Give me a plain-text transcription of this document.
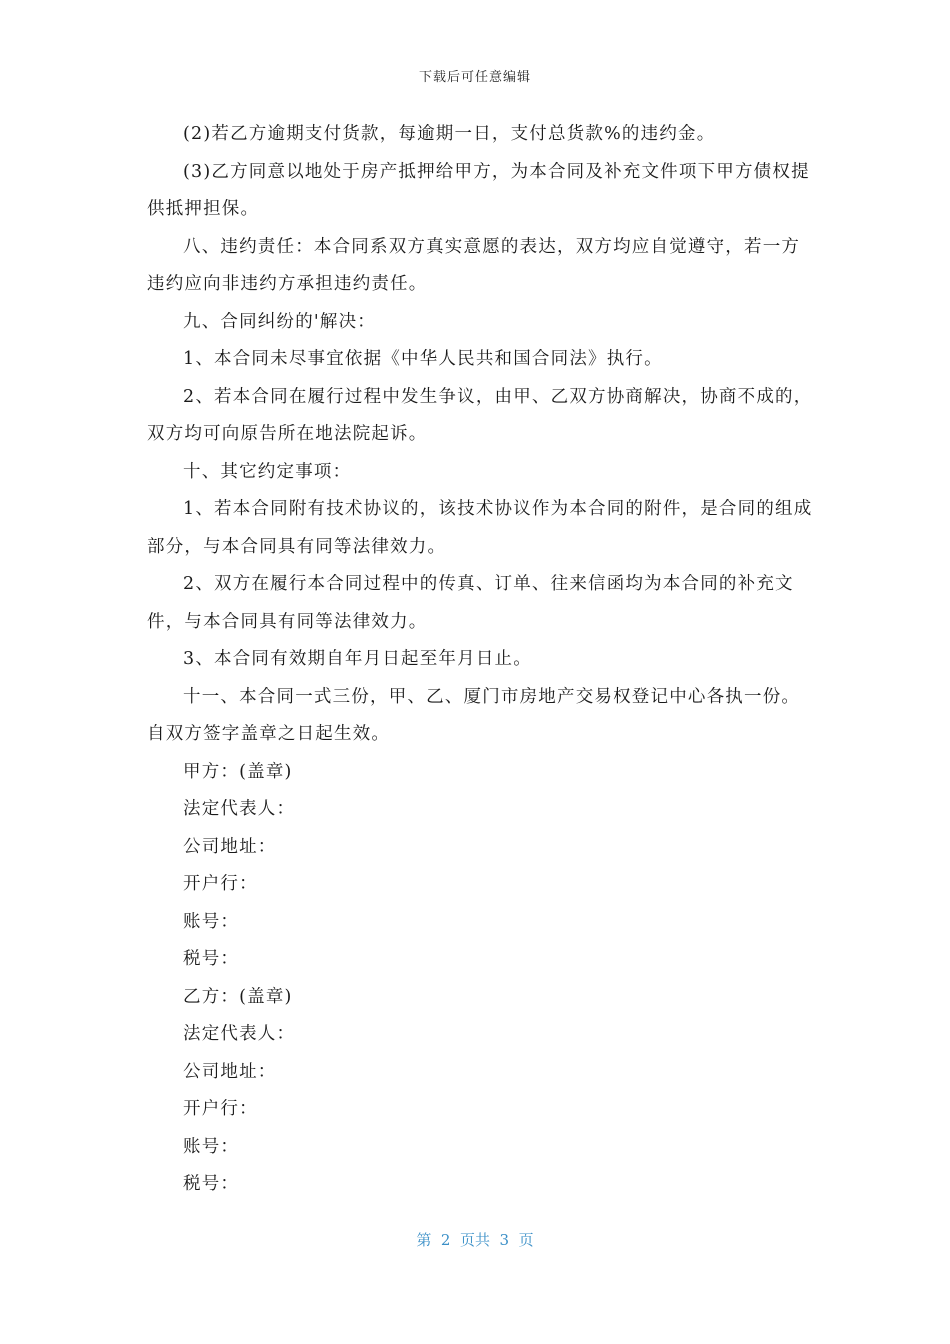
下载后可任意编辑

(2)若乙方逾期支付货款，每逾期一日，支付总货款%的违约金。

(3)乙方同意以地处于房产抵押给甲方，为本合同及补充文件项下甲方债权提供抵押担保。

八、违约责任：本合同系双方真实意愿的表达，双方均应自觉遵守，若一方违约应向非违约方承担违约责任。

九、合同纠纷的'解决：

1、本合同未尽事宜依据《中华人民共和国合同法》执行。

2、若本合同在履行过程中发生争议，由甲、乙双方协商解决，协商不成的，双方均可向原告所在地法院起诉。

十、其它约定事项：

1、若本合同附有技术协议的，该技术协议作为本合同的附件，是合同的组成部分，与本合同具有同等法律效力。

2、双方在履行本合同过程中的传真、订单、往来信函均为本合同的补充文件，与本合同具有同等法律效力。

3、本合同有效期自年月日起至年月日止。

十一、本合同一式三份，甲、乙、厦门市房地产交易权登记中心各执一份。自双方签字盖章之日起生效。

甲方：(盖章)

法定代表人：

公司地址：

开户行：

账号：

税号：

乙方：(盖章)

法定代表人：

公司地址：

开户行：

账号：

税号：

第  2  页共  3  页
